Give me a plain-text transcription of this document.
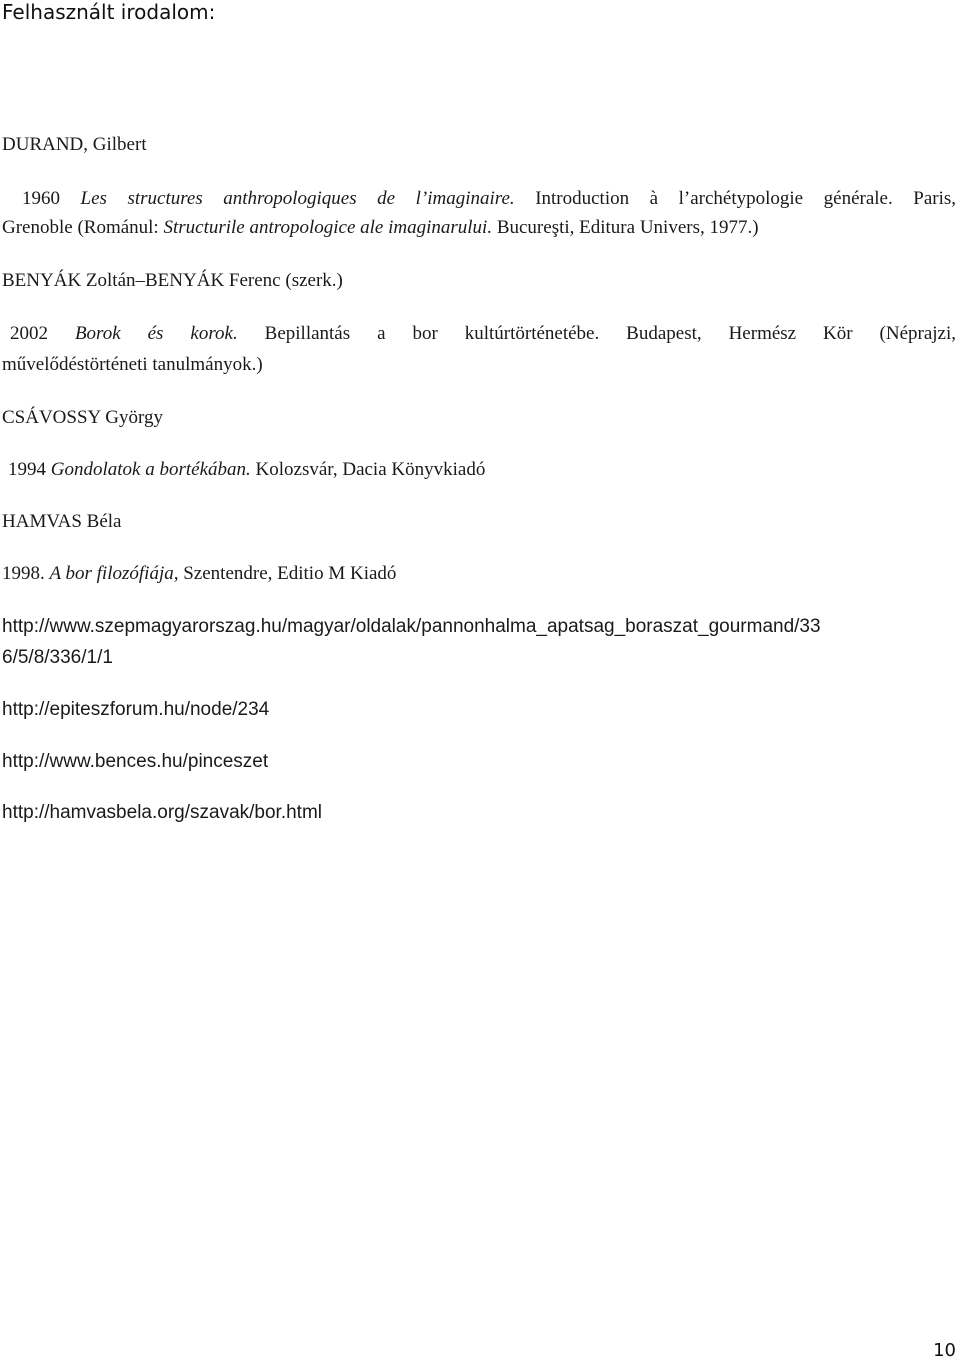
Felhasznált irodalom:
DURAND, Gilbert
1960 Les structures anthropologiques de l’imaginaire. Introduction à l’archétypologie générale. Paris,
Grenoble (Románul: Structurile antropologice ale imaginarului. Bucureşti, Editura Univers, 1977.)
BENYÁK Zoltán–BENYÁK Ferenc (szerk.)
2002 Borok és korok. Bepillantás a bor kultúrtörténetébe. Budapest, Hermész Kör (Néprajzi,
művelődéstörténeti tanulmányok.)
CSÁVOSSY György
1994 Gondolatok a bortékában. Kolozsvár, Dacia Könyvkiadó
HAMVAS Béla
1998. A bor filozófiája, Szentendre, Editio M Kiadó
http://www.szepmagyarorszag.hu/magyar/oldalak/pannonhalma_apatsag_boraszat_gourmand/33
6/5/8/336/1/1
http://epiteszforum.hu/node/234
http://www.bences.hu/pinceszet
http://hamvasbela.org/szavak/bor.html
10
